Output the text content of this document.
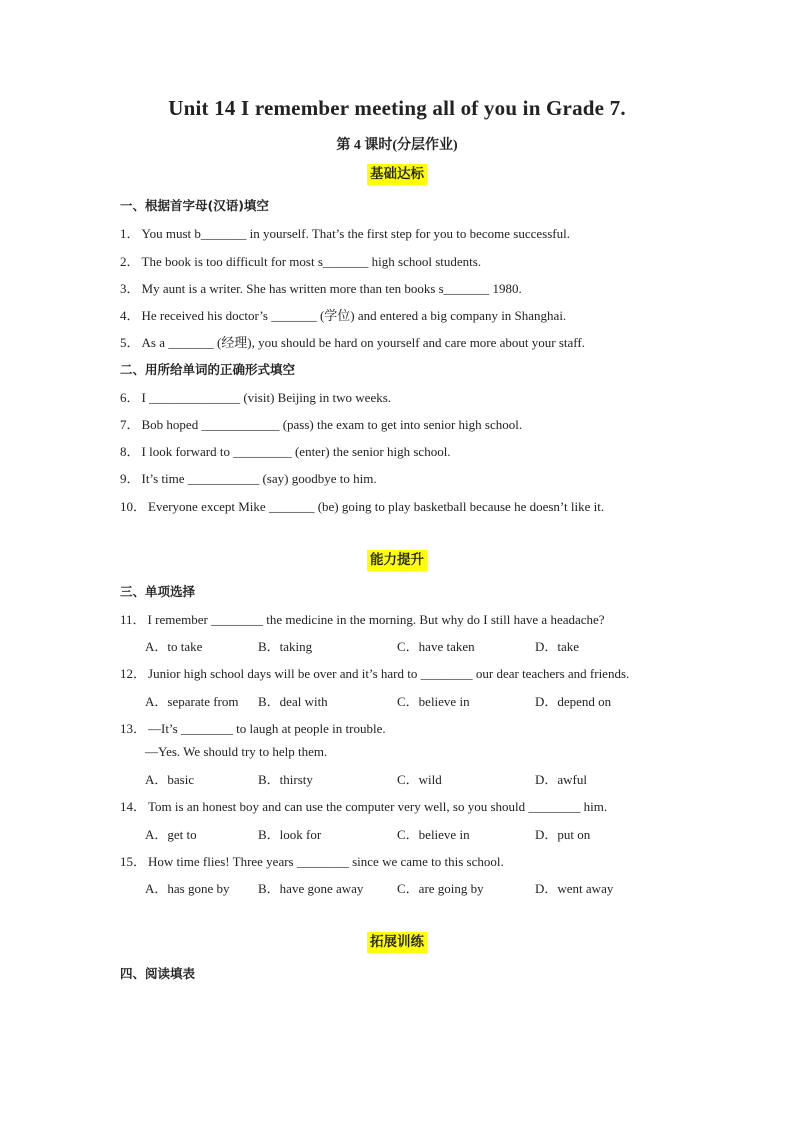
Unit 14 I remember meeting all of you in Grade 7.
第 4 课时(分层作业)
基础达标
一、根据首字母(汉语)填空
1． You must b_______ in yourself. That’s the first step for you to become successful.
2． The book is too difficult for most s_______ high school students.
3． My aunt is a writer. She has written more than ten books s_______ 1980.
4． He received his doctor’s _______ (学位) and entered a big company in Shanghai.
5． As a _______ (经理), you should be hard on yourself and care more about your staff.
二、用所给单词的正确形式填空
6． I ______________ (visit) Beijing in two weeks.
7． Bob hoped ____________ (pass) the exam to get into senior high school.
8． I look forward to _________ (enter) the senior high school.
9． It’s time ___________ (say) goodbye to him.
10． Everyone except Mike _______ (be) going to play basketball because he doesn’t like it.
能力提升
三、单项选择
11． I remember ________ the medicine in the morning. But why do I still have a headache?
A．to take	B．taking	C．have taken	D．take
12． Junior high school days will be over and it’s hard to ________ our dear teachers and friends.
A．separate from B．deal with	C．believe in	D．depend on
13． —It’s ________ to laugh at people in trouble.
—Yes. We should try to help them.
A．basic	B．thirsty	C．wild	D．awful
14． Tom is an honest boy and can use the computer very well, so you should ________ him.
A．get to	B．look for	C．believe in	D．put on
15． How time flies! Three years ________ since we came to this school.
A．has gone by B．have gone away	C．are going by	D．went away
拓展训练
四、阅读填表
